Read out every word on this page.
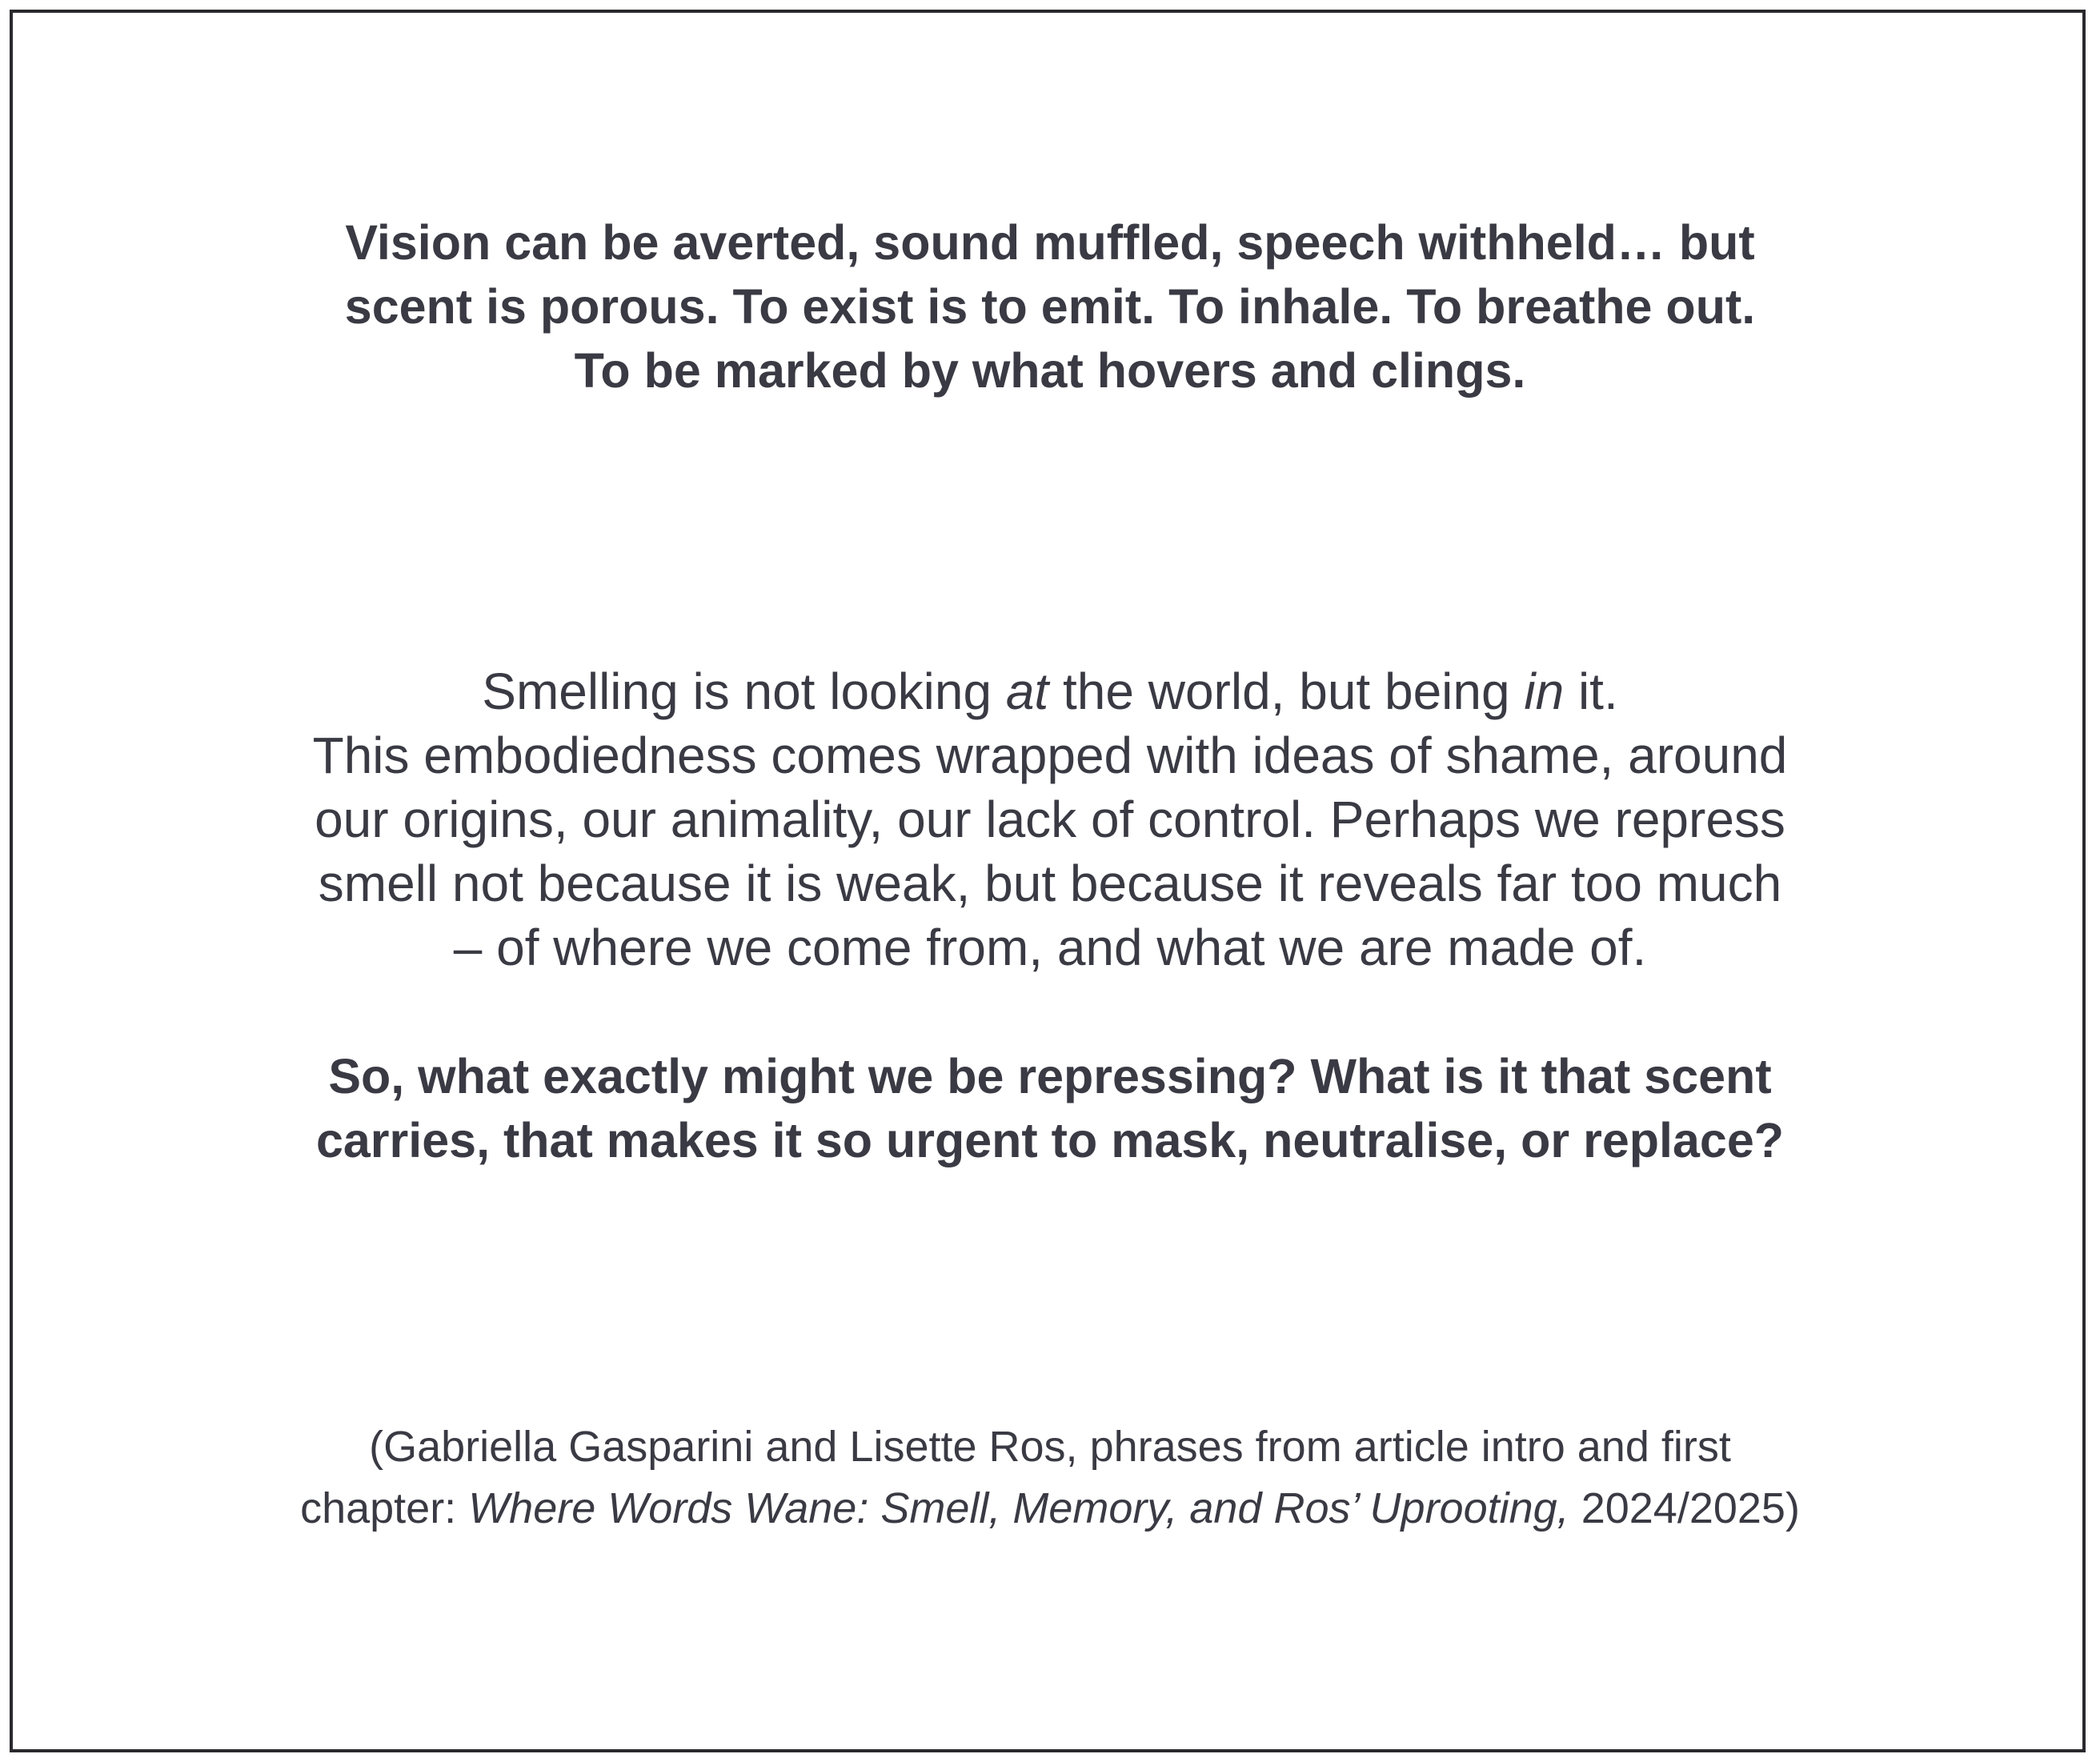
Vision can be averted, sound muffled, speech withheld… but
scent is porous. To exist is to emit. To inhale. To breathe out.
To be marked by what hovers and clings.
Smelling is not looking at the world, but being in it.
This embodiedness comes wrapped with ideas of shame, around
our origins, our animality, our lack of control. Perhaps we repress
smell not because it is weak, but because it reveals far too much
– of where we come from, and what we are made of.
So, what exactly might we be repressing? What is it that scent
carries, that makes it so urgent to mask, neutralise, or replace?
(Gabriella Gasparini and Lisette Ros, phrases from article intro and first
chapter: Where Words Wane: Smell, Memory, and Ros’ Uprooting, 2024/2025)
